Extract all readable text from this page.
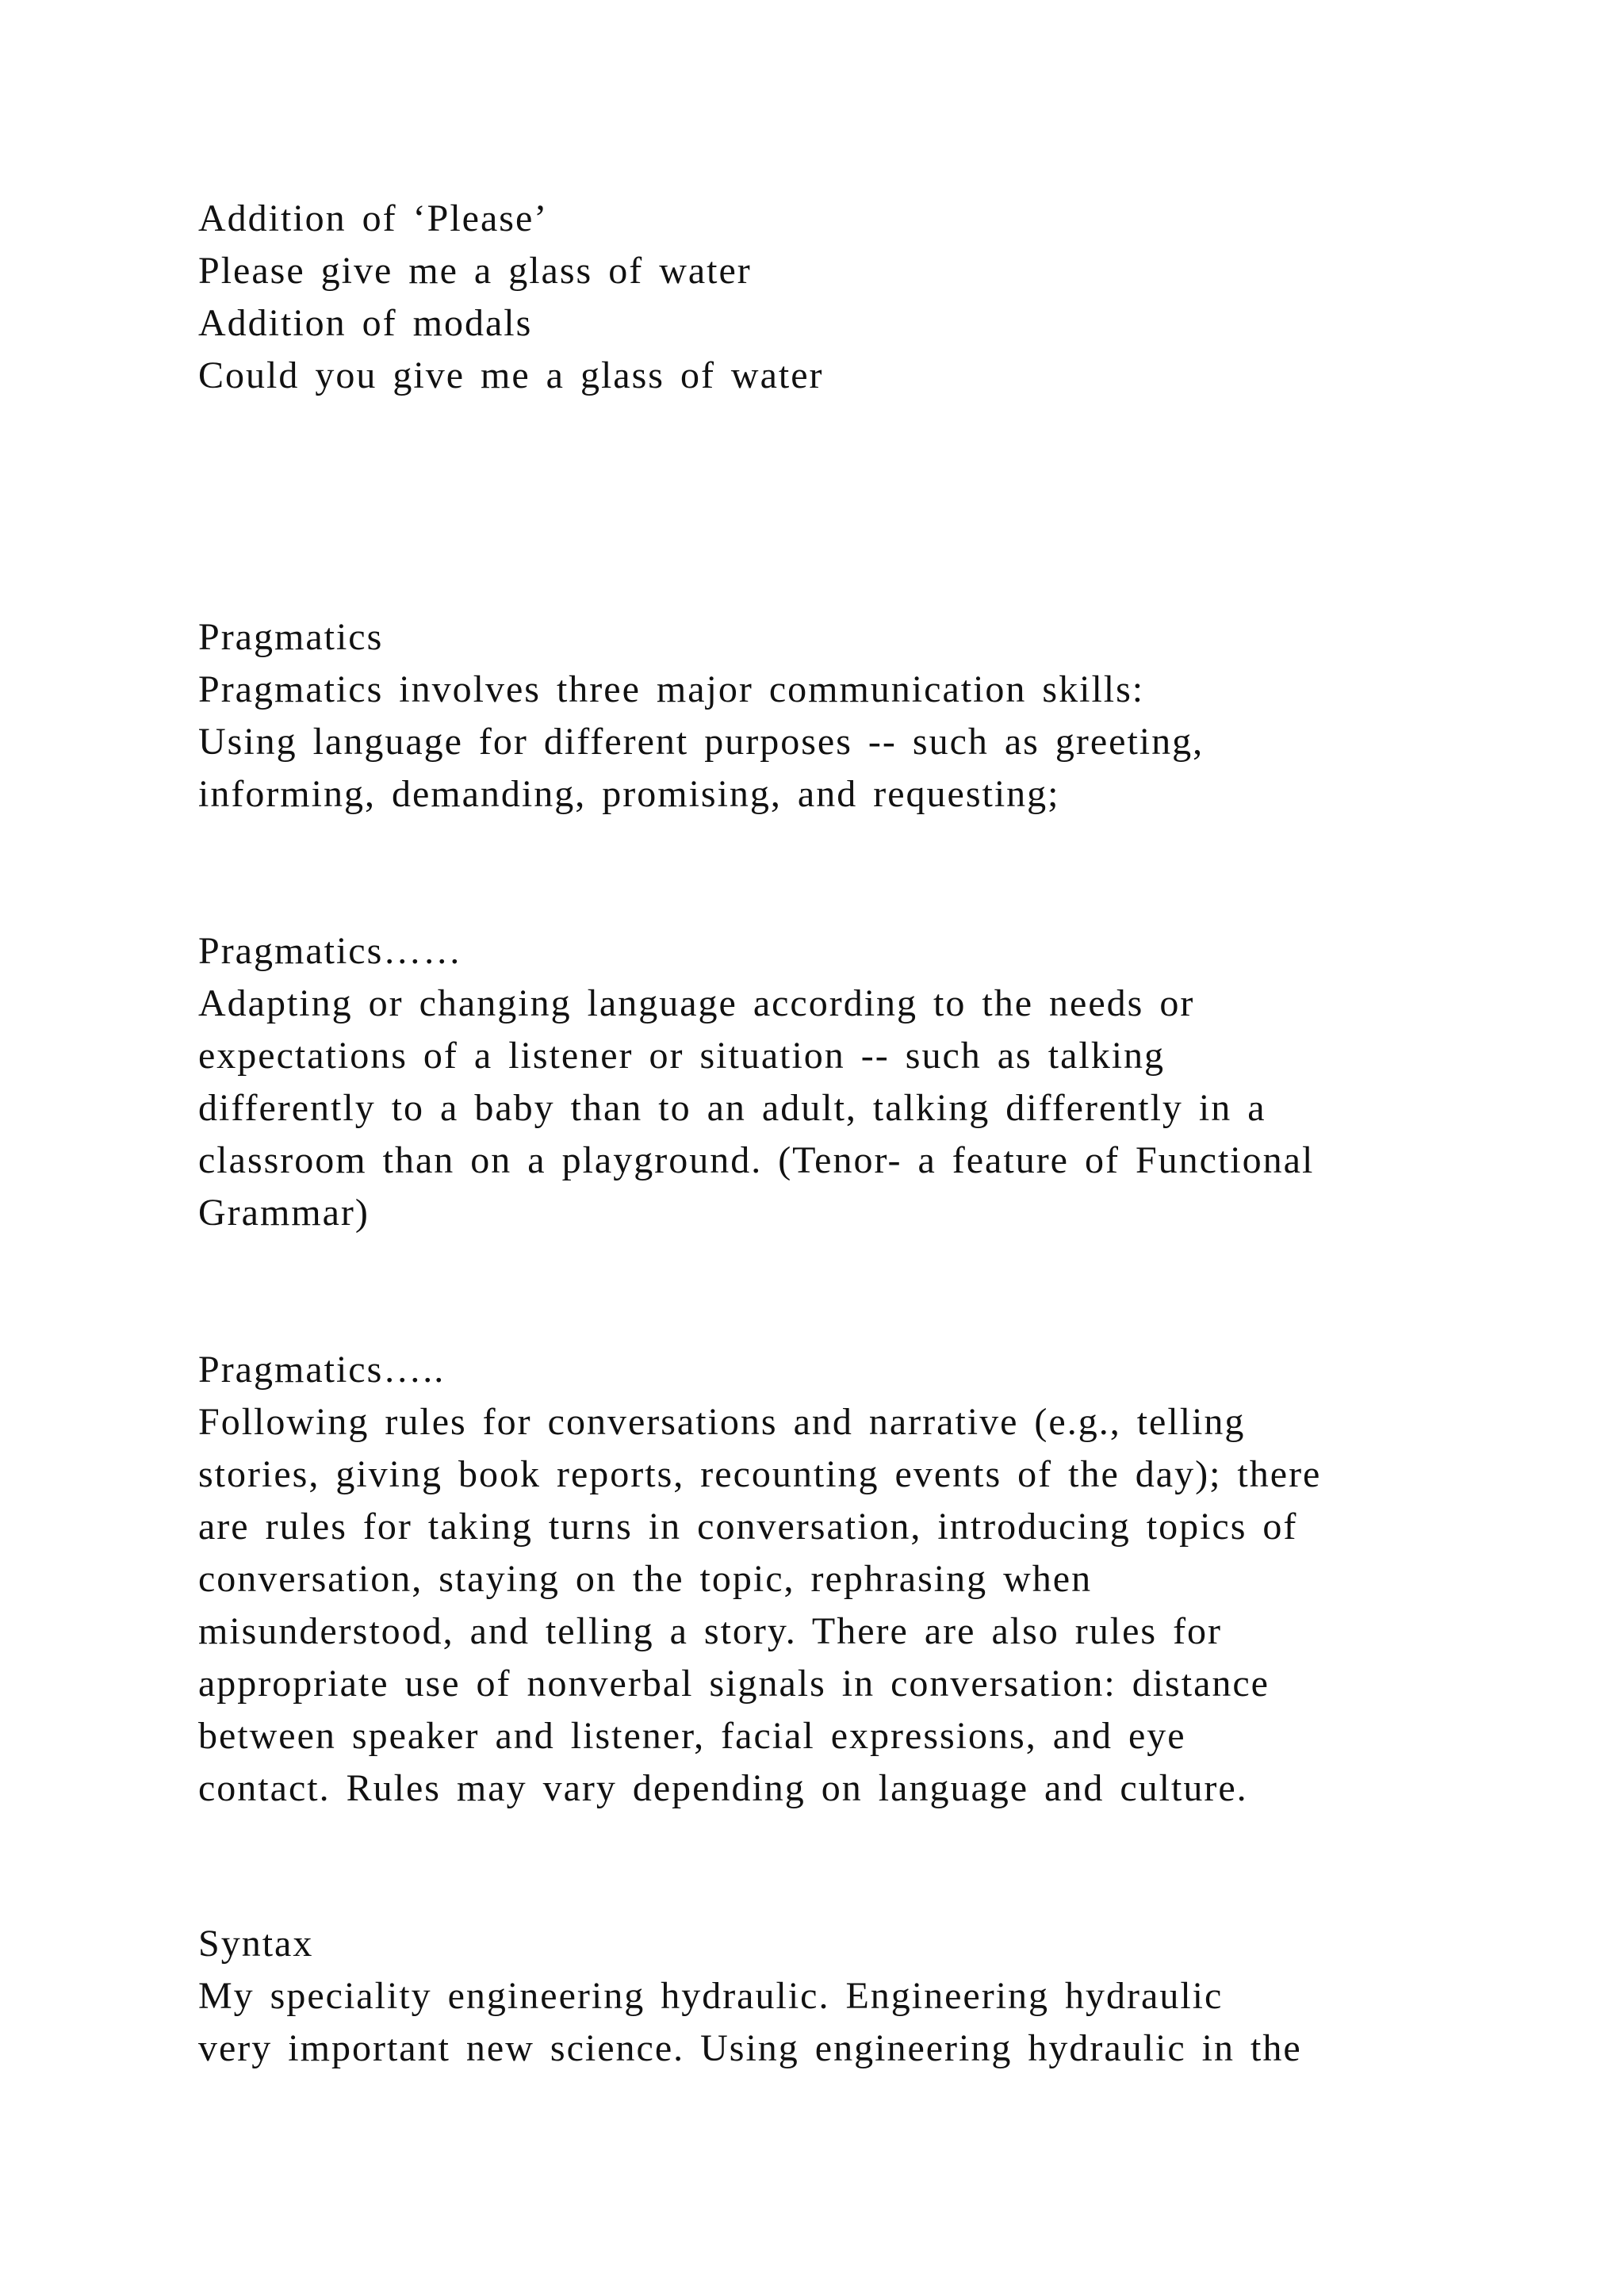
Addition of ‘Please’

Please give me a glass of water

Addition of modals

Could you give me a glass of water

Pragmatics

Pragmatics involves three major communication skills:

Using language for different purposes -- such as greeting,

informing, demanding, promising, and requesting;

Pragmatics……

Adapting or changing language according to the needs or

expectations of a listener or situation -- such as talking

differently to a baby than to an adult, talking differently in a

classroom than on a playground. (Tenor- a feature of Functional

Grammar)

Pragmatics…..

Following rules for conversations and narrative (e.g., telling

stories, giving book reports, recounting events of the day); there

are rules for taking turns in conversation, introducing topics of

conversation, staying on the topic, rephrasing when

misunderstood, and telling a story. There are also rules for

appropriate use of nonverbal signals in conversation: distance

between speaker and listener, facial expressions, and eye

contact. Rules may vary depending on language and culture.

Syntax

My speciality engineering hydraulic. Engineering hydraulic

very important new science. Using engineering hydraulic in the
